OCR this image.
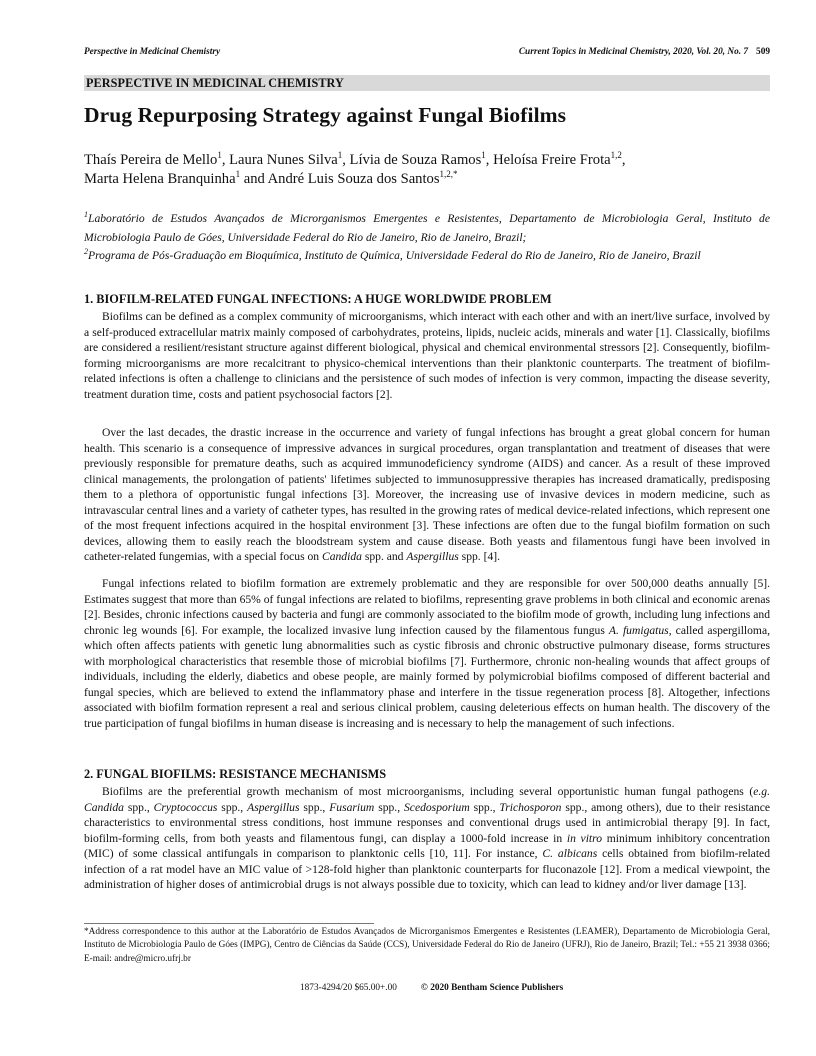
Perspective in Medicinal Chemistry	Current Topics in Medicinal Chemistry, 2020, Vol. 20, No. 7 509
PERSPECTIVE IN MEDICINAL CHEMISTRY
Drug Repurposing Strategy against Fungal Biofilms
Thaís Pereira de Mello$^1$, Laura Nunes Silva$^1$, Lívia de Souza Ramos$^1$, Heloísa Freire Frota$^{1,2}$,
Marta Helena Branquinha$^1$ and André Luis Souza dos Santos$^{1,2,*}$
$^1$Laboratório de Estudos Avançados de Microrganismos Emergentes e Resistentes, Departamento de Microbiologia Geral, Instituto de Microbiologia Paulo de Góes, Universidade Federal do Rio de Janeiro, Rio de Janeiro, Brazil;
$^2$Programa de Pós-Graduação em Bioquímica, Instituto de Química, Universidade Federal do Rio de Janeiro, Rio de Janeiro, Brazil
1. BIOFILM-RELATED FUNGAL INFECTIONS: A HUGE WORLDWIDE PROBLEM

Biofilms can be defined as a complex community of microorganisms, which interact with each other and with an inert/live surface, involved by a self-produced extracellular matrix mainly composed of carbohydrates, proteins, lipids, nucleic acids, minerals and water [1]. Classically, biofilms are considered a resilient/resistant structure against different biological, physical and chemical environmental stressors [2]. Consequently, biofilm-forming microorganisms are more recalcitrant to physico-chemical interventions than their planktonic counterparts. The treatment of biofilm-related infections is often a challenge to clinicians and the persistence of such modes of infection is very common, impacting the disease severity, treatment duration time, costs and patient psychosocial factors [2].

Over the last decades, the drastic increase in the occurrence and variety of fungal infections has brought a great global concern for human health. This scenario is a consequence of impressive advances in surgical procedures, organ transplantation and treatment of diseases that were previously responsible for premature deaths, such as acquired immunodeficiency syndrome (AIDS) and cancer. As a result of these improved clinical managements, the prolongation of patients' lifetimes subjected to immunosuppressive therapies has increased dramatically, predisposing them to a plethora of opportunistic fungal infections [3]. Moreover, the increasing use of invasive devices in modern medicine, such as intravascular central lines and a variety of catheter types, has resulted in the growing rates of medical device-related infections, which represent one of the most frequent infections acquired in the hospital environment [3]. These infections are often due to the fungal biofilm formation on such devices, allowing them to easily reach the bloodstream system and cause disease. Both yeasts and filamentous fungi have been involved in catheter-related fungemias, with a special focus on Candida spp. and Aspergillus spp. [4].

Fungal infections related to biofilm formation are extremely problematic and they are responsible for over 500,000 deaths annually [5]. Estimates suggest that more than 65% of fungal infections are related to biofilms, representing grave problems in both clinical and economic arenas [2]. Besides, chronic infections caused by bacteria and fungi are commonly associated to the biofilm mode of growth, including lung infections and chronic leg wounds [6]. For example, the localized invasive lung infection caused by the filamentous fungus A. fumigatus, called aspergilloma, which often affects patients with genetic lung abnormalities such as cystic fibrosis and chronic obstructive pulmonary disease, forms structures with morphological characteristics that resemble those of microbial biofilms [7]. Furthermore, chronic non-healing wounds that affect groups of individuals, including the elderly, diabetics and obese people, are mainly formed by polymicrobial biofilms composed of different bacterial and fungal species, which are believed to extend the inflammatory phase and interfere in the tissue regeneration process [8]. Altogether, infections associated with biofilm formation represent a real and serious clinical problem, causing deleterious effects on human health. The discovery of the true participation of fungal biofilms in human disease is increasing and is necessary to help the management of such infections.

2. FUNGAL BIOFILMS: RESISTANCE MECHANISMS

Biofilms are the preferential growth mechanism of most microorganisms, including several opportunistic human fungal pathogens (e.g. Candida spp., Cryptococcus spp., Aspergillus spp., Fusarium spp., Scedosporium spp., Trichosporon spp., among others), due to their resistance characteristics to environmental stress conditions, host immune responses and conventional drugs used in antimicrobial therapy [9]. In fact, biofilm-forming cells, from both yeasts and filamentous fungi, can display a 1000-fold increase in in vitro minimum inhibitory concentration (MIC) of some classical antifungals in comparison to planktonic cells [10, 11]. For instance, C. albicans cells obtained from biofilm-related infection of a rat model have an MIC value of >128-fold higher than planktonic counterparts for fluconazole [12]. From a medical viewpoint, the administration of higher doses of antimicrobial drugs is not always possible due to toxicity, which can lead to kidney and/or liver damage [13].

*Address correspondence to this author at the Laboratório de Estudos Avançados de Microrganismos Emergentes e Resistentes (LEAMER), Departamento de Microbiologia Geral, Instituto de Microbiologia Paulo de Góes (IMPG), Centro de Ciências da Saúde (CCS), Universidade Federal do Rio de Janeiro (UFRJ), Rio de Janeiro, Brazil; Tel.: +55 21 3938 0366; E-mail: andre@micro.ufrj.br

1873-4294/20 $65.00+.00	© 2020 Bentham Science Publishers
